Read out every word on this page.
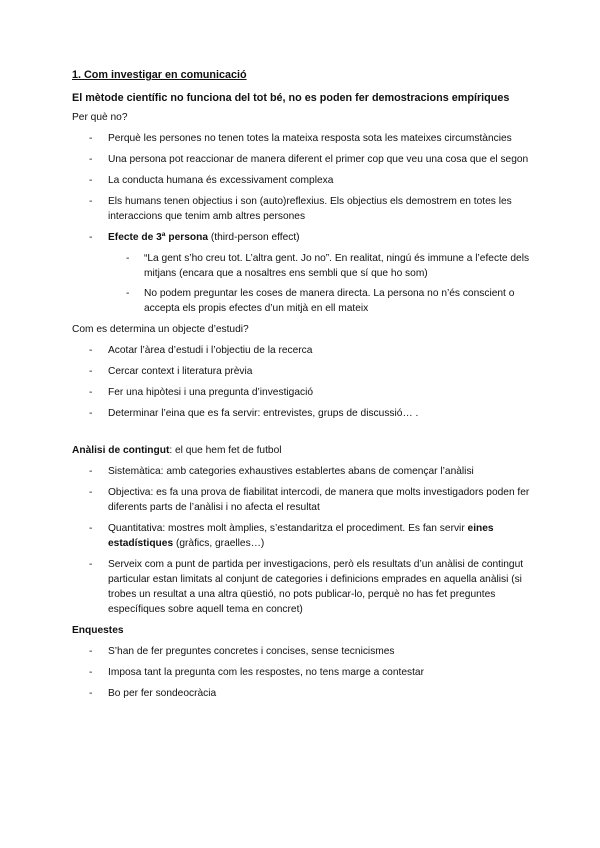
1. Com investigar en comunicació

El mètode científic no funciona del tot bé, no es poden fer demostracions empíriques

Per què no?

- Perquè les persones no tenen totes la mateixa resposta sota les mateixes circumstàncies
- Una persona pot reaccionar de manera diferent el primer cop que veu una cosa que el segon
- La conducta humana és excessivament complexa
- Els humans tenen objectius i son (auto)reflexius. Els objectius els demostrem en totes les interaccions que tenim amb altres persones
- Efecte de 3ª persona (third-person effect)
- “La gent s’ho creu tot. L’altra gent. Jo no”. En realitat, ningú és immune a l’efecte dels mitjans (encara que a nosaltres ens sembli que sí que ho som)
- No podem preguntar les coses de manera directa. La persona no n’és conscient o accepta els propis efectes d’un mitjà en ell mateix

Com es determina un objecte d’estudi?

- Acotar l’àrea d’estudi i l’objectiu de la recerca
- Cercar context i literatura prèvia
- Fer una hipòtesi i una pregunta d’investigació
- Determinar l’eina que es fa servir: entrevistes, grups de discussió… .

Anàlisi de contingut: el que hem fet de futbol

- Sistemàtica: amb categories exhaustives establertes abans de començar l’anàlisi
- Objectiva: es fa una prova de fiabilitat intercodi, de manera que molts investigadors poden fer diferents parts de l’anàlisi i no afecta el resultat
- Quantitativa: mostres molt àmplies, s’estandaritza el procediment. Es fan servir eines estadístiques (gràfics, graelles…)
- Serveix com a punt de partida per investigacions, però els resultats d’un anàlisi de contingut particular estan limitats al conjunt de categories i definicions emprades en aquella anàlisi (si trobes un resultat a una altra qüestió, no pots publicar-lo, perquè no has fet preguntes específiques sobre aquell tema en concret)

Enquestes

- S’han de fer preguntes concretes i concises, sense tecnicismes
- Imposa tant la pregunta com les respostes, no tens marge a contestar
- Bo per fer sondeocràcia
